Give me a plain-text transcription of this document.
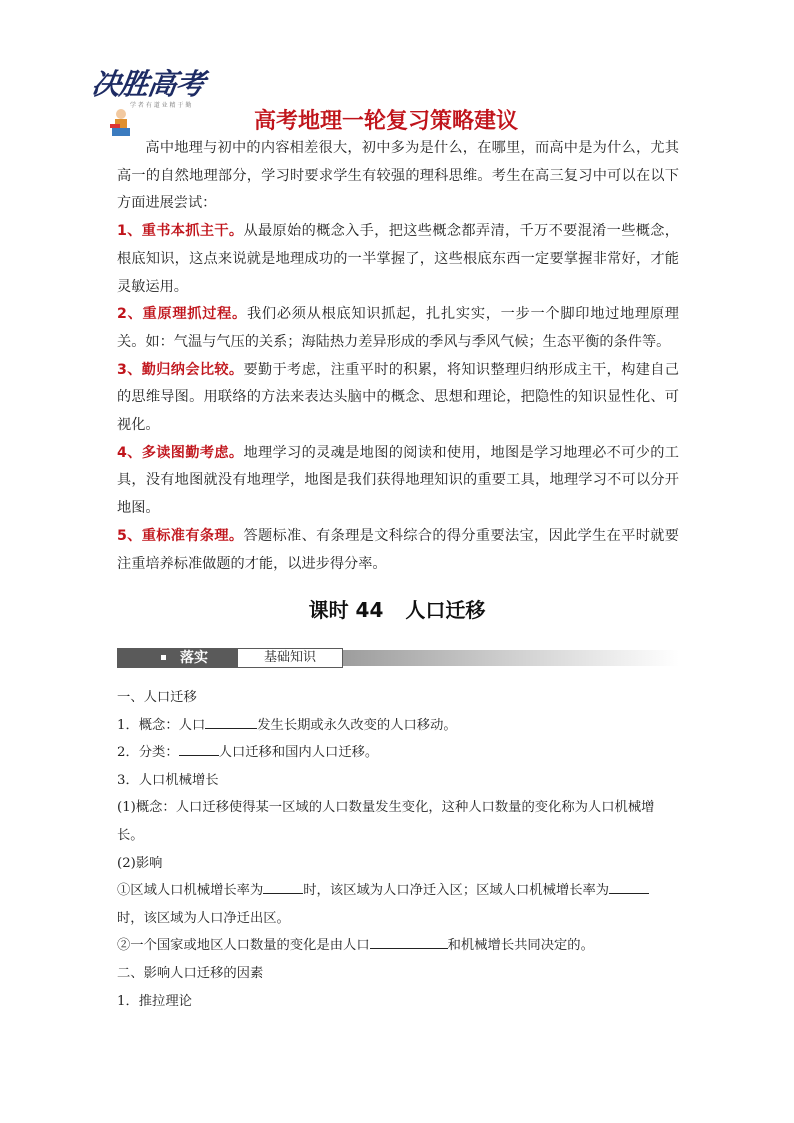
决胜高考
学 者 有 道 业 精 于 勤
高考地理一轮复习策略建议

高中地理与初中的内容相差很大，初中多为是什么，在哪里，而高中是为什么，尤其高一的自然地理部分，学习时要求学生有较强的理科思维。考生在高三复习中可以在以下方面进展尝试：

1、重书本抓主干。从最原始的概念入手，把这些概念都弄清，千万不要混淆一些概念，根底知识，这点来说就是地理成功的一半掌握了，这些根底东西一定要掌握非常好，才能灵敏运用。

2、重原理抓过程。我们必须从根底知识抓起，扎扎实实，一步一个脚印地过地理原理关。如：气温与气压的关系；海陆热力差异形成的季风与季风气候；生态平衡的条件等。

3、勤归纳会比较。要勤于考虑，注重平时的积累，将知识整理归纳形成主干，构建自己的思维导图。用联络的方法来表达头脑中的概念、思想和理论，把隐性的知识显性化、可视化。

4、多读图勤考虑。地理学习的灵魂是地图的阅读和使用，地图是学习地理必不可少的工具，没有地图就没有地理学，地图是我们获得地理知识的重要工具，地理学习不可以分开地图。

5、重标准有条理。答题标准、有条理是文科综合的得分重要法宝，因此学生在平时就要注重培养标准做题的才能，以进步得分率。

课时 44 人口迁移
落实	基础知识

一、人口迁移

1．概念：人口	发生长期或永久改变的人口移动。

2．分类：	人口迁移和国内人口迁移。

3．人口机械增长

(1)概念：人口迁移使得某一区域的人口数量发生变化，这种人口数量的变化称为人口机械增长。

(2)影响

①区域人口机械增长率为	时，该区域为人口净迁入区；区域人口机械增长率为
时，该区域为人口净迁出区。

②一个国家或地区人口数量的变化是由人口	和机械增长共同决定的。

二、影响人口迁移的因素

1．推拉理论
